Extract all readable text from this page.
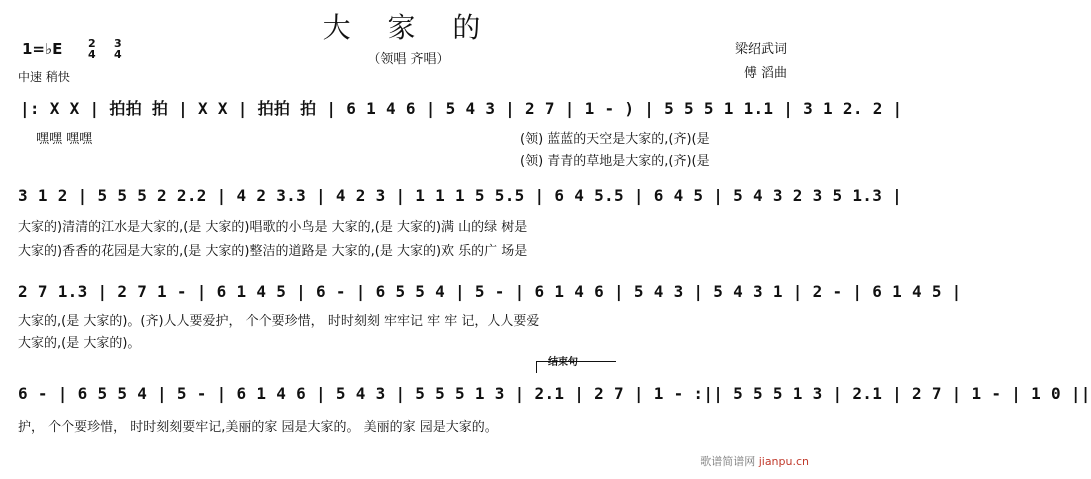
大 家 的
（领唱 齐唱）
1=♭E 2
4
3
4
中速 稍快
梁绍武词
傅 滔曲
|: X X | 拍拍 拍 | X X | 拍拍 拍 | 6 1 4 6 | 5 4 3 | 2 7 | 1 - ) | 5 5 5 1 1.1 | 3 1 2. 2 |
嘿嘿 嘿嘿	(领) 蓝蓝的天空是大家的,(齐)(是
(领) 青青的草地是大家的,(齐)(是
3 1 2 | 5 5 5 2 2.2 | 4 2 3.3 | 4 2 3 | 1 1 1 5 5.5 | 6 4 5.5 | 6 4 5 | 5 4 3 2 3 5 1.3 |
大家的)清清的江水是大家的,(是 大家的)唱歌的小鸟是 大家的,(是 大家的)满 山的绿 树是
大家的)香香的花园是大家的,(是 大家的)整洁的道路是 大家的,(是 大家的)欢 乐的广 场是
2 7 1.3 | 2 7 1 - | 6 1 4 5 | 6 - | 6 5 5 4 | 5 - | 6 1 4 6 | 5 4 3 | 5 4 3 1 | 2 - | 6 1 4 5 |
大家的,(是 大家的)。(齐)人人要爱护， 个个要珍惜， 时时刻刻 牢牢记 牢 牢 记，人人要爱
大家的,(是 大家的)。
结束句
6 - | 6 5 5 4 | 5 - | 6 1 4 6 | 5 4 3 | 5 5 5 1 3 | 2.1 | 2 7 | 1 - :|| 5 5 5 1 3 | 2.1 | 2 7 | 1 - | 1 0 ||
护， 个个要珍惜， 时时刻刻要牢记,美丽的家 园是大家的。 美丽的家 园是大家的。
歌谱简谱网 jianpu.cn
